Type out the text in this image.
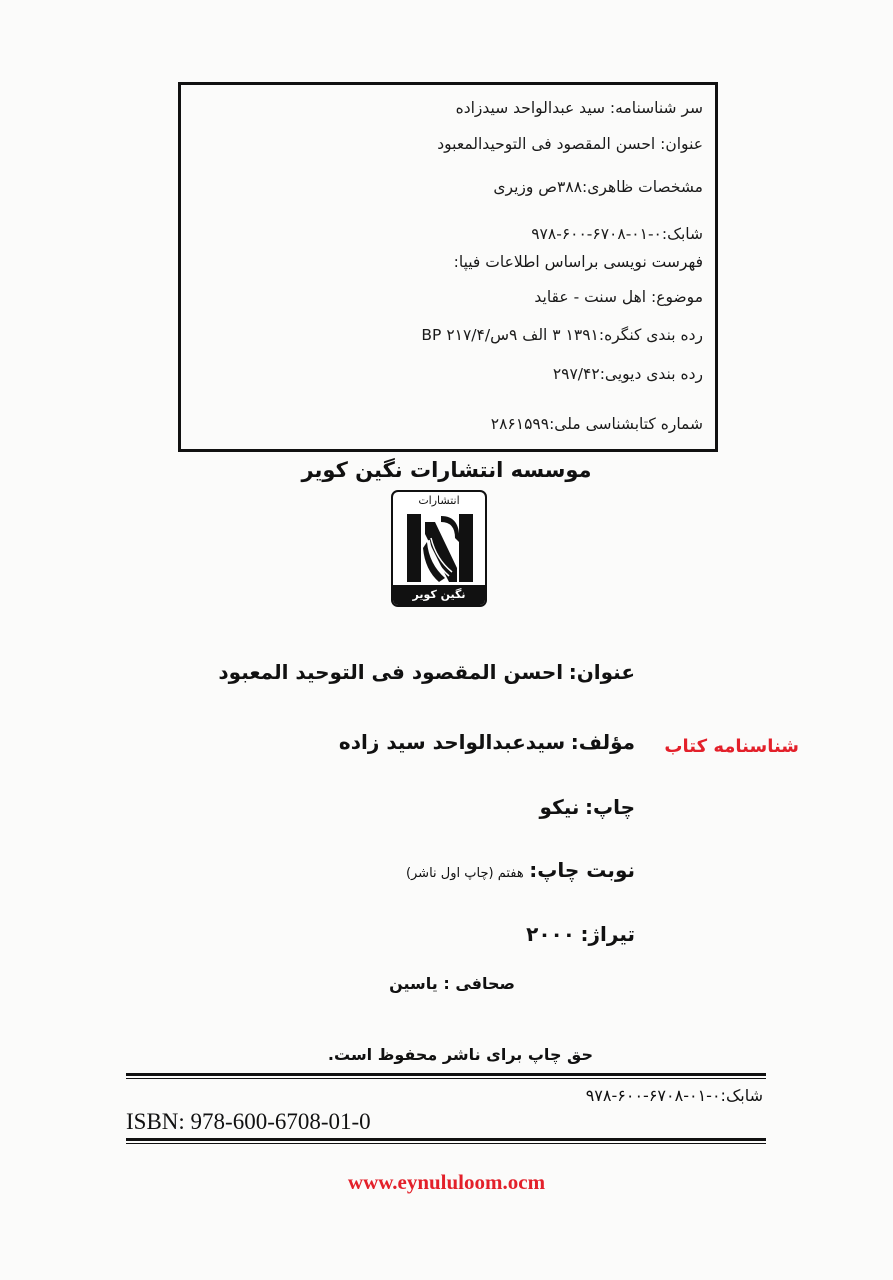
سر شناسنامه: سید عبدالواحد سیدزاده
عنوان: احسن المقصود فی التوحیدالمعبود
مشخصات ظاهری:۳۸۸ص وزیری
شابک:۰-۰۱-۶۷۰۸-۶۰۰-۹۷۸
فهرست نویسی براساس اطلاعات فیپا:
موضوع: اهل سنت - عقاید
رده بندی کنگره:۱۳۹۱ ۳ الف ۹س/۲۱۷/۴ BP
رده بندی دیویی:۲۹۷/۴۲
شماره کتابشناسی ملی:۲۸۶۱۵۹۹
موسسه انتشارات نگین کویر
انتشارات
نگین کویر
عنوان: احسن المقصود فی التوحید المعبود
مؤلف: سیدعبدالواحد سید زاده
چاپ: نیکو
نوبت چاپ: هفتم (چاپ اول ناشر)
تیراژ: ۲۰۰۰
صحافی : یاسین
شناسنامه کتاب
حق چاپ برای ناشر محفوظ است.
شابک:۰-۰۱-۶۷۰۸-۶۰۰-۹۷۸
ISBN: 978-600-6708-01-0
www.eynululoom.ocm
